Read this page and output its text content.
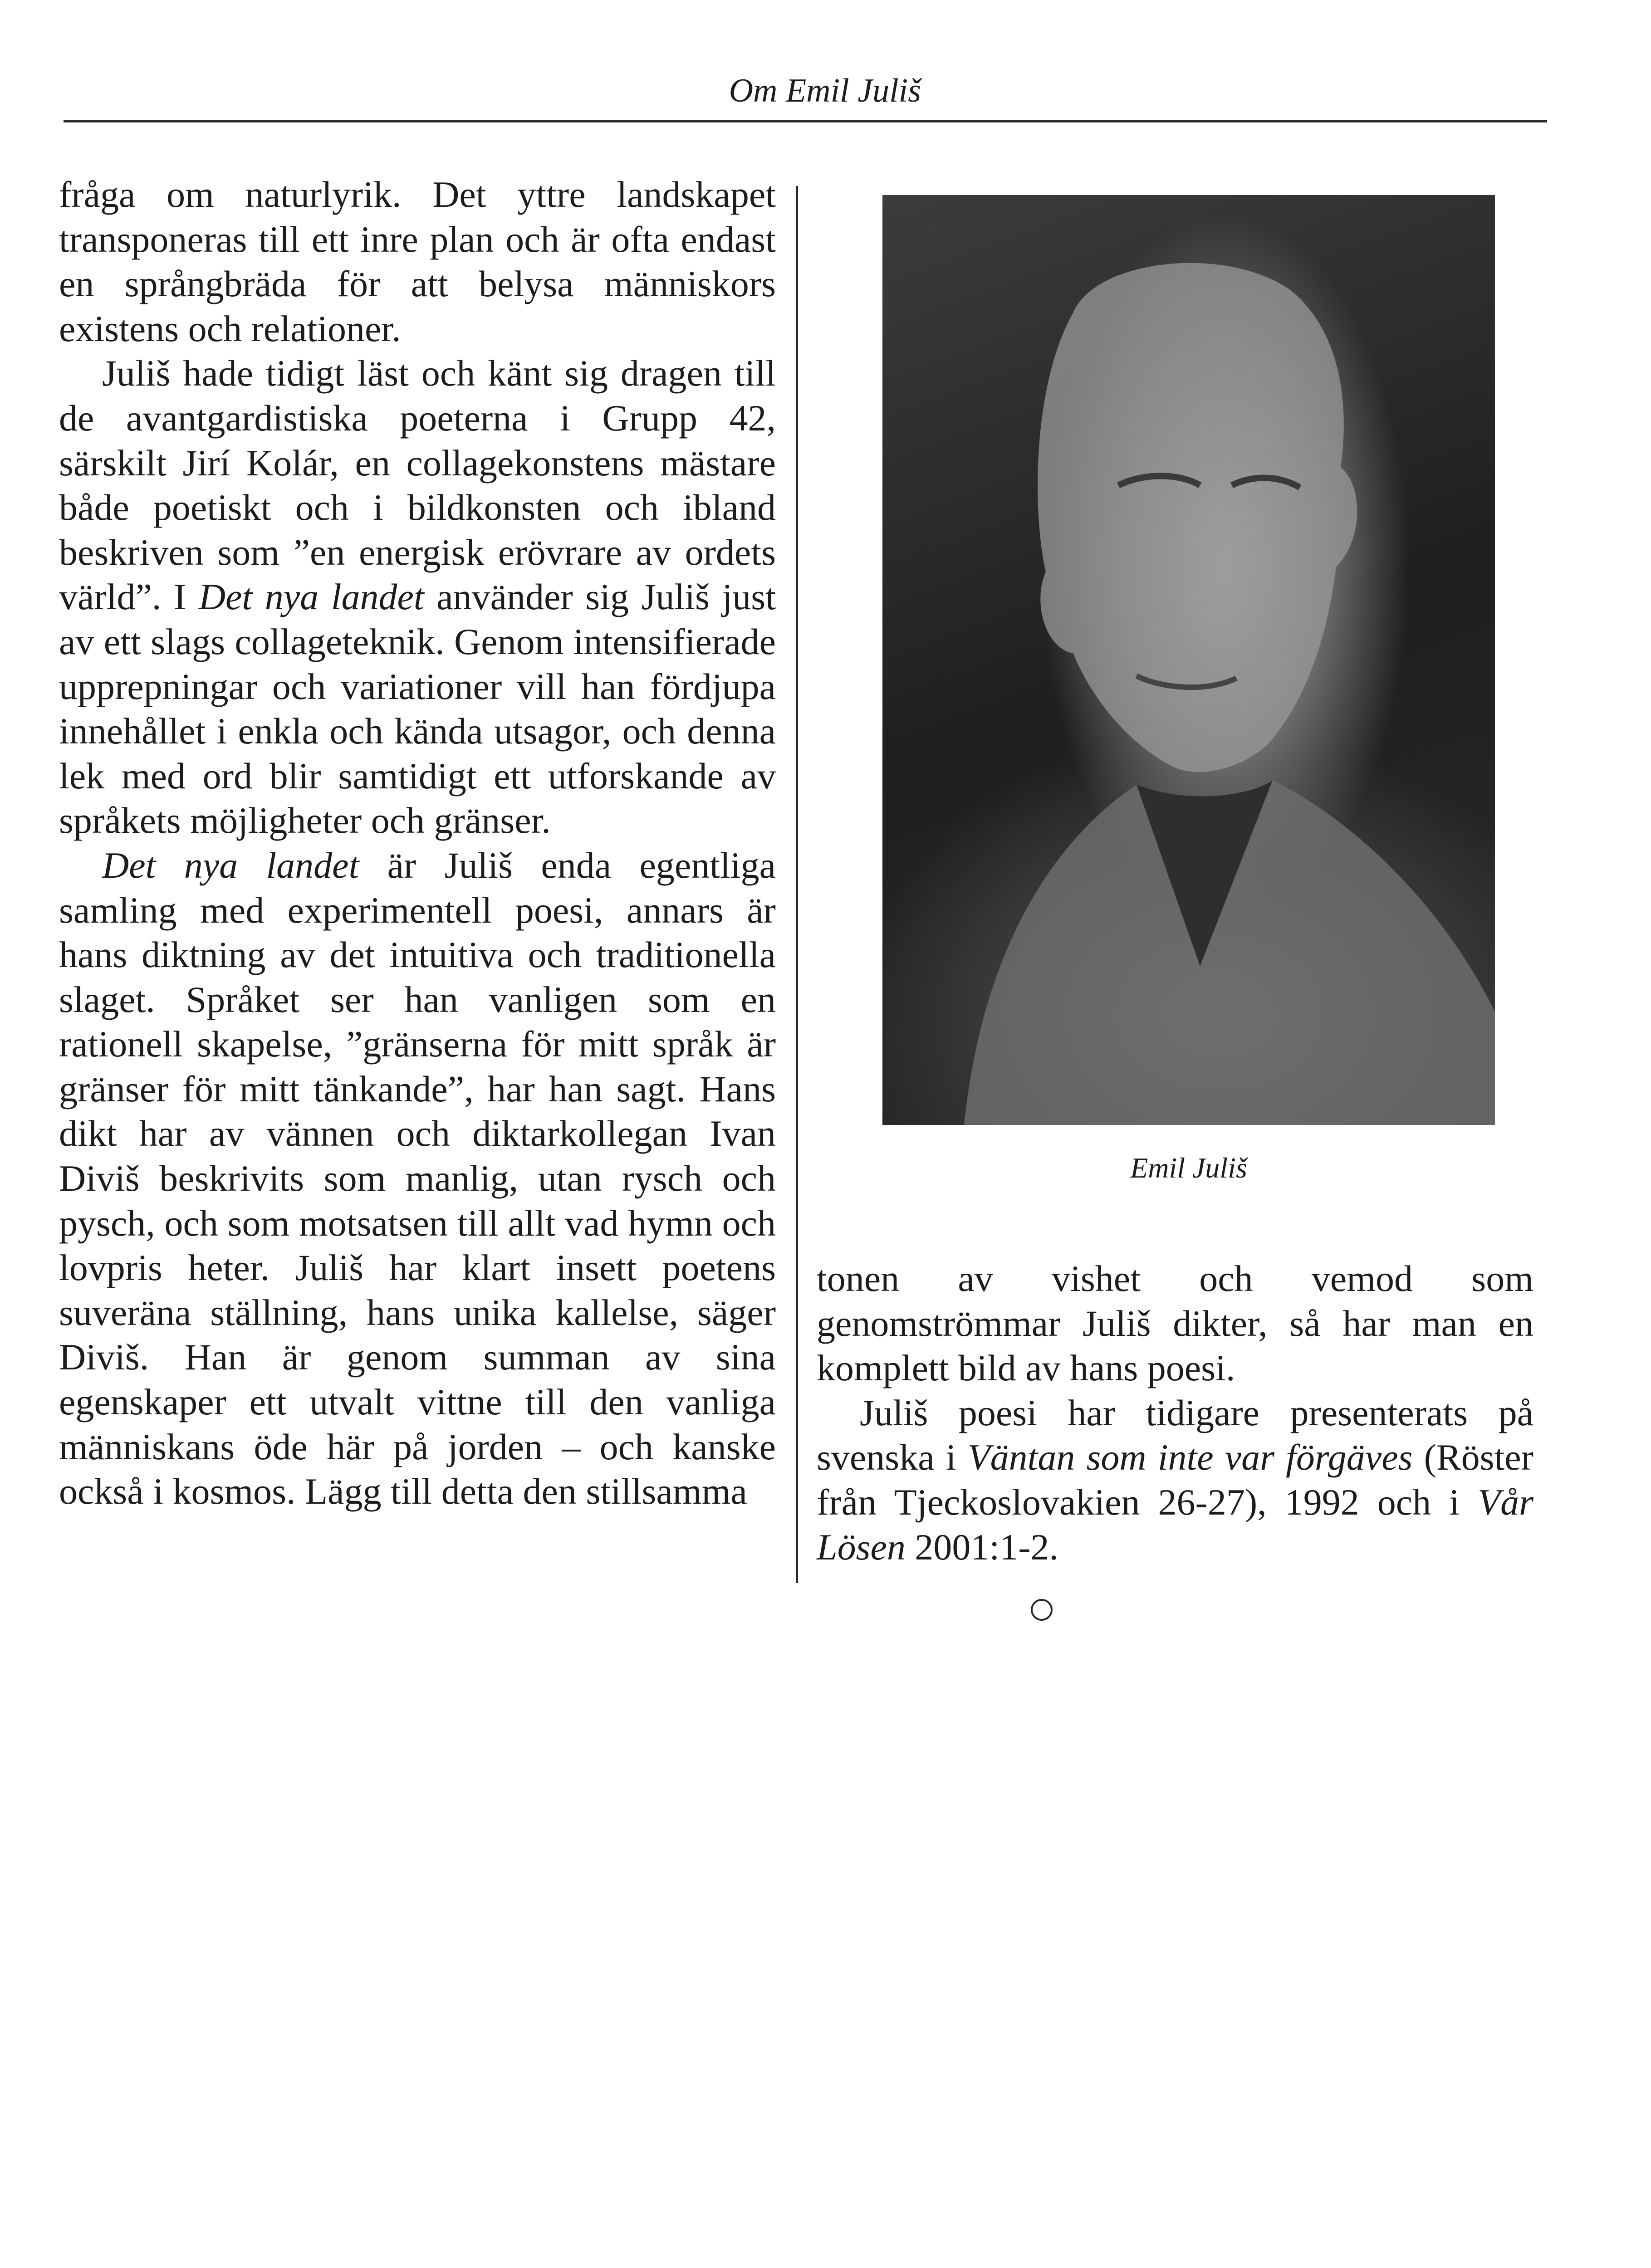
Om Emil Juliš

fråga om naturlyrik. Det yttre landskapet transponeras till ett inre plan och är ofta endast en språngbräda för att belysa människors existens och relationer.

Juliš hade tidigt läst och känt sig dragen till de avantgardistiska poeterna i Grupp 42, särskilt Jirí Kolár, en collagekonstens mästare både poetiskt och i bildkonsten och ibland beskriven som ”en energisk erövrare av ordets värld”. I Det nya landet använder sig Juliš just av ett slags collageteknik. Genom intensifierade upprepningar och variationer vill han fördjupa innehållet i enkla och kända utsagor, och denna lek med ord blir samtidigt ett utforskande av språkets möjligheter och gränser.

Det nya landet är Juliš enda egentliga samling med experimentell poesi, annars är hans diktning av det intuitiva och traditionella slaget. Språket ser han vanligen som en rationell skapelse, ”gränserna för mitt språk är gränser för mitt tänkande”, har han sagt. Hans dikt har av vännen och diktarkollegan Ivan Diviš beskrivits som manlig, utan rysch och pysch, och som motsatsen till allt vad hymn och lovpris heter. Juliš har klart insett poetens suveräna ställning, hans unika kallelse, säger Diviš. Han är genom summan av sina egenskaper ett utvalt vittne till den vanliga människans öde här på jorden – och kanske också i kosmos. Lägg till detta den stillsamma

Emil Juliš

tonen av vishet och vemod som genomströmmar Juliš dikter, så har man en komplett bild av hans poesi.

Juliš poesi har tidigare presenterats på svenska i Väntan som inte var förgäves (Röster från Tjeckoslovakien 26-27), 1992 och i Vår Lösen 2001:1-2.
